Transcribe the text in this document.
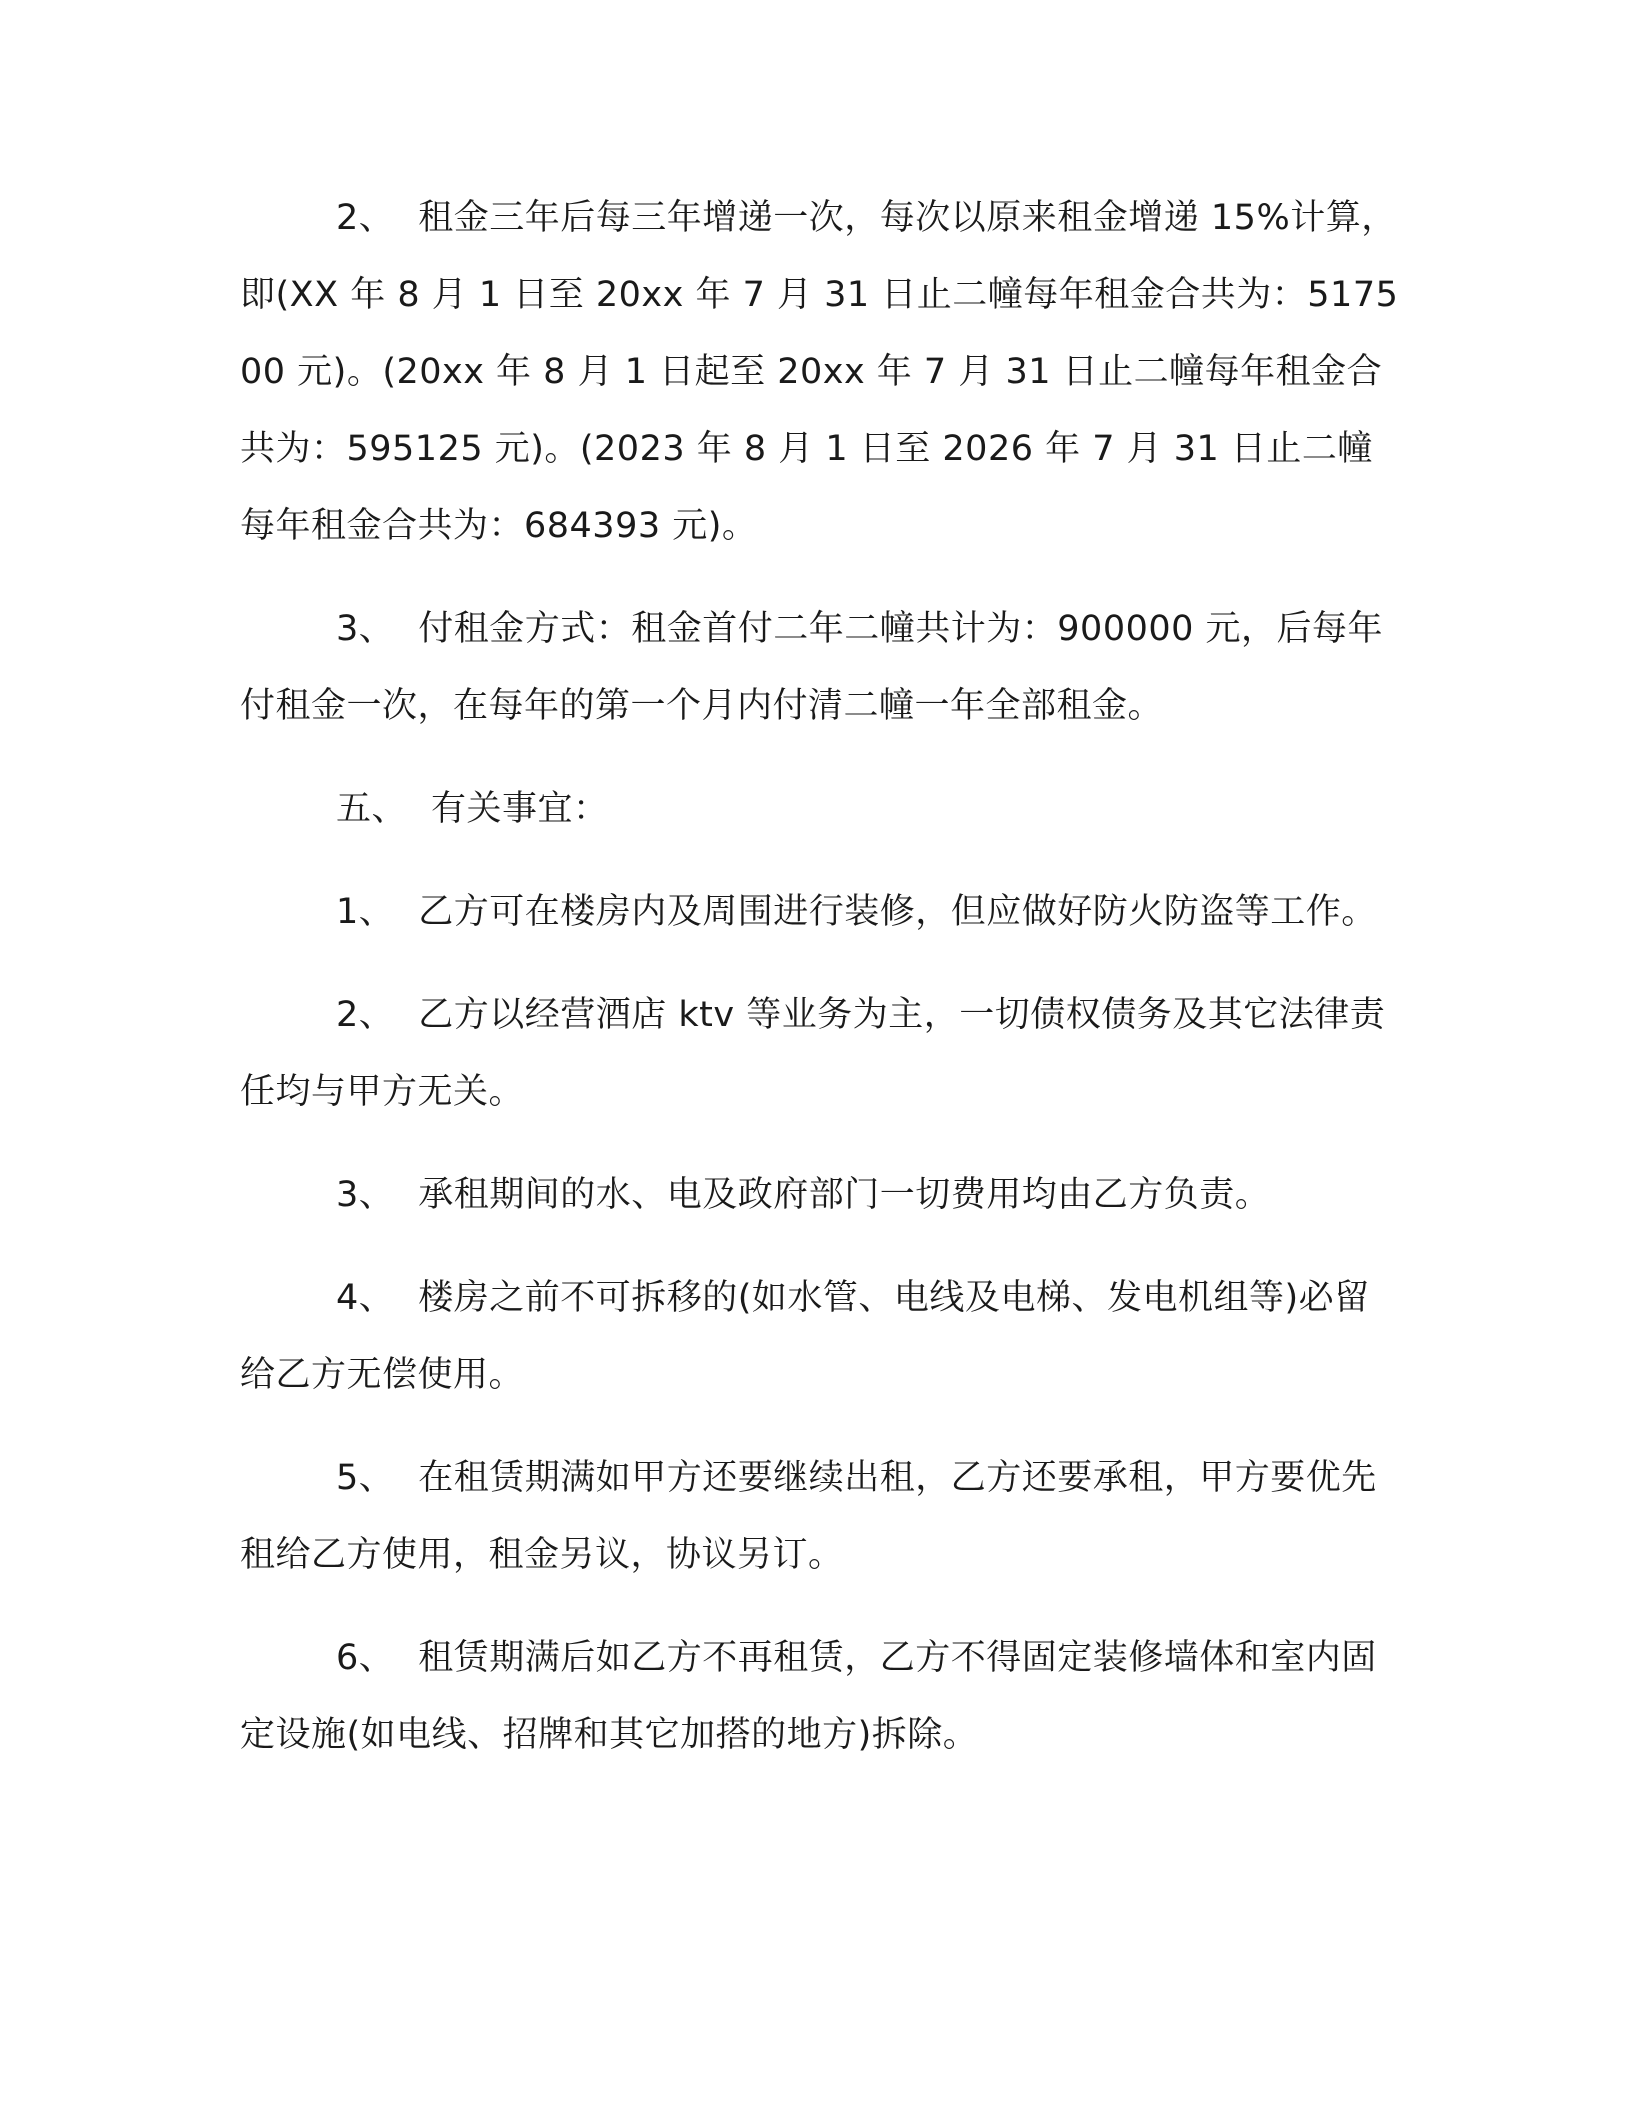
2、 租金三年后每三年增递一次，每次以原来租金增递 15%计算，即(XX 年 8 月 1 日至 20xx 年 7 月 31 日止二幢每年租金合共为：517500 元)。(20xx 年 8 月 1 日起至 20xx 年 7 月 31 日止二幢每年租金合共为：595125 元)。(2023 年 8 月 1 日至 2026 年 7 月 31 日止二幢每年租金合共为：684393 元)。

3、 付租金方式：租金首付二年二幢共计为：900000 元，后每年付租金一次，在每年的第一个月内付清二幢一年全部租金。

五、 有关事宜：

1、 乙方可在楼房内及周围进行装修，但应做好防火防盗等工作。

2、 乙方以经营酒店 ktv 等业务为主，一切债权债务及其它法律责任均与甲方无关。

3、 承租期间的水、电及政府部门一切费用均由乙方负责。

4、 楼房之前不可拆移的(如水管、电线及电梯、发电机组等)必留给乙方无偿使用。

5、 在租赁期满如甲方还要继续出租，乙方还要承租，甲方要优先租给乙方使用，租金另议，协议另订。

6、 租赁期满后如乙方不再租赁，乙方不得固定装修墙体和室内固定设施(如电线、招牌和其它加搭的地方)拆除。
